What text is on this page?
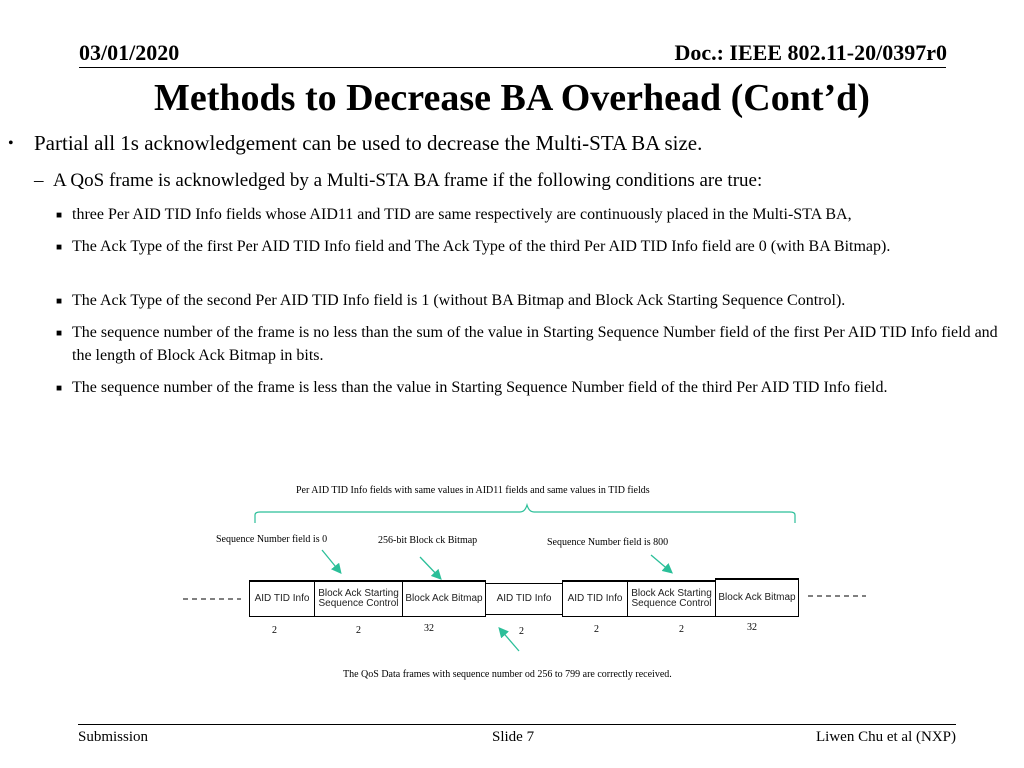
03/01/2020	Doc.: IEEE 802.11-20/0397r0
Methods to Decrease BA Overhead (Cont’d)
• Partial all 1s acknowledgement can be used to decrease the Multi-STA BA size.
– A QoS frame is acknowledged by a Multi-STA BA frame if the following conditions are true:
■ three Per AID TID Info fields whose AID11 and TID are same respectively are continuously placed in the Multi-STA BA,
■ The Ack Type of the first Per AID TID Info field and The Ack Type of the third Per AID TID Info field are 0 (with BA Bitmap).
■ The Ack Type of the second Per AID TID Info field is 1 (without BA Bitmap and Block Ack Starting Sequence Control).
■ The sequence number of the frame is no less than the sum of the value in Starting Sequence Number field of the first Per AID TID Info field and the length of Block Ack Bitmap in bits.
■ The sequence number of the frame is less than the value in Starting Sequence Number field of the third Per AID TID Info field.
Per AID TID Info fields with same values in AID11 fields and same values in TID fields
Sequence Number field is 0	256-bit Block ck Bitmap	Sequence Number field is 800
AID TID Info Block Ack Starting Sequence Control Block Ack Bitmap	AID TID Info	AID TID Info Block Ack Starting Sequence Control
Block Ack Bitmap
2	2	32	2	2	2	32
The QoS Data frames with sequence number od 256 to 799 are correctly received.
Submission	Slide 7	Liwen Chu et al (NXP)
